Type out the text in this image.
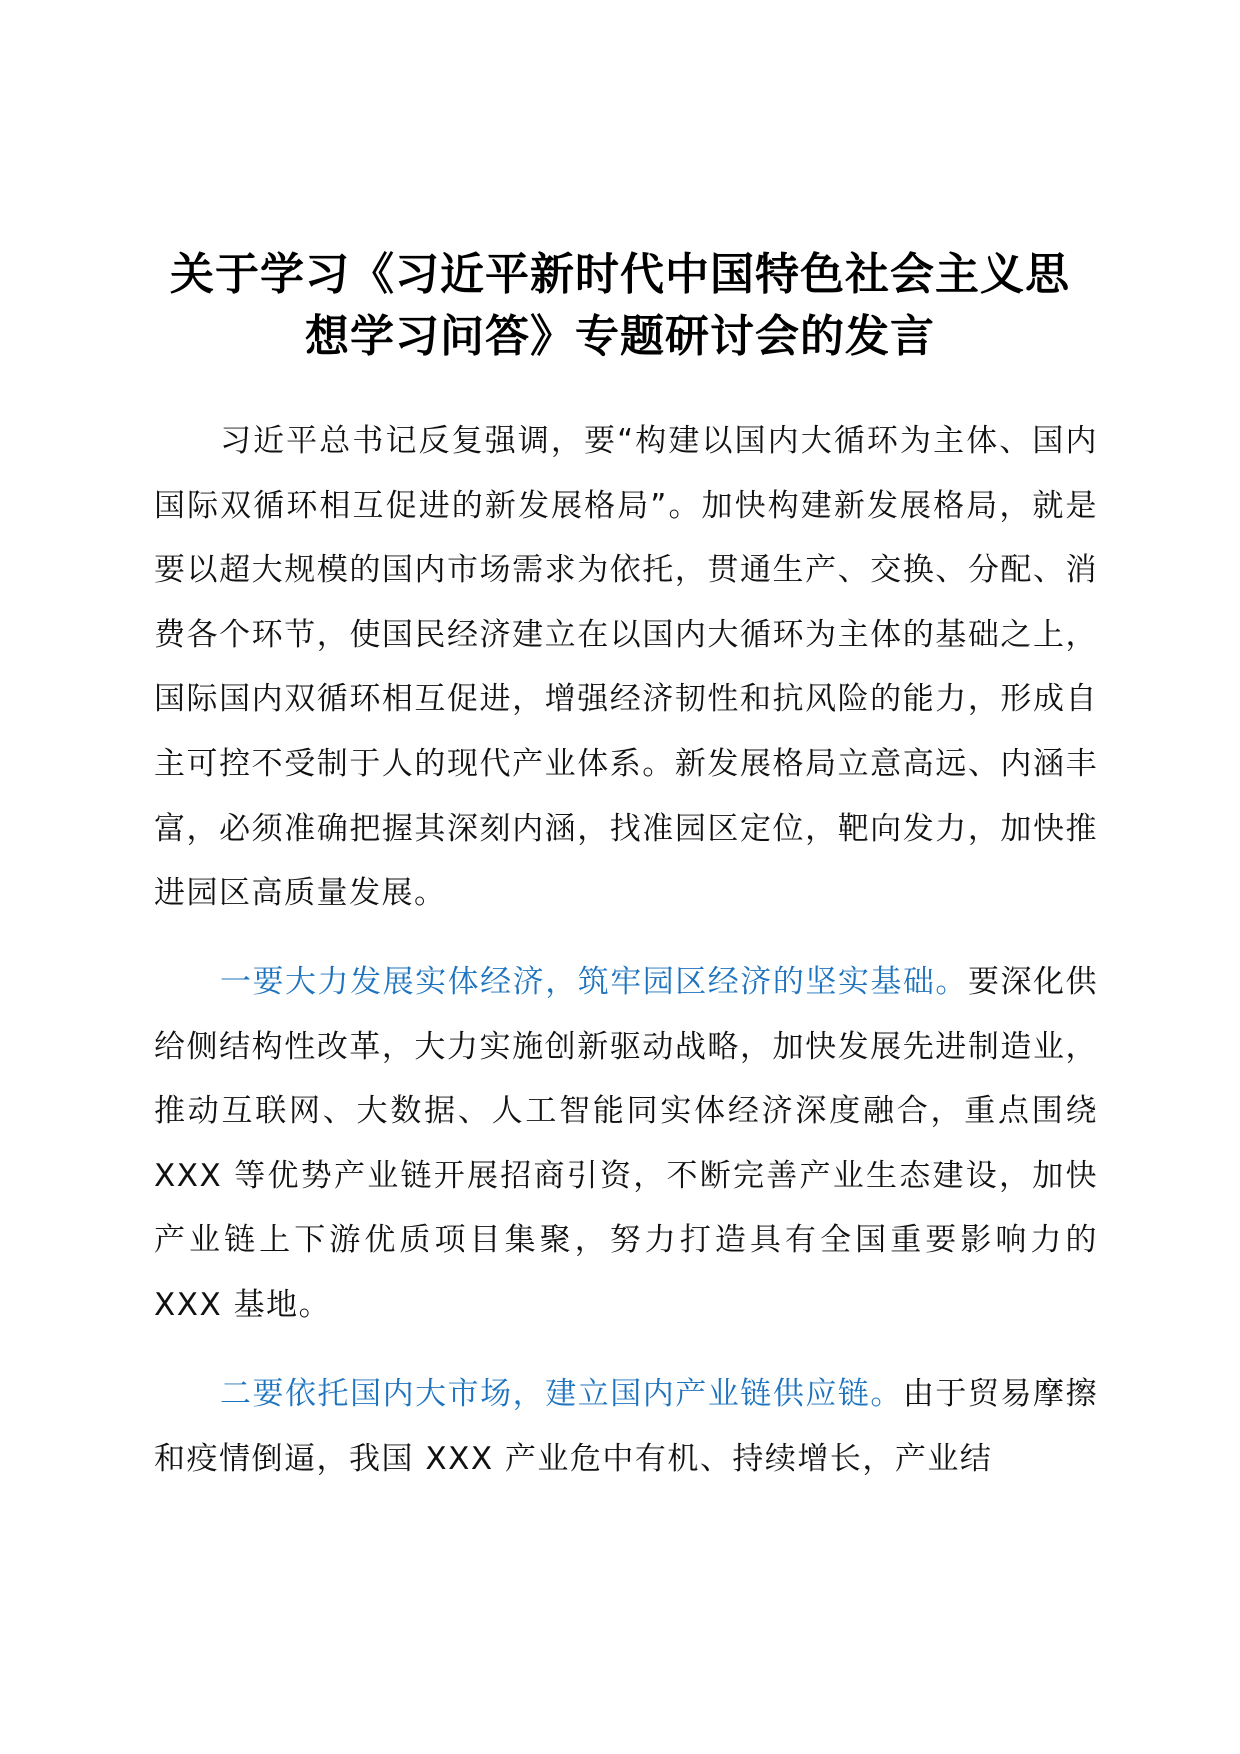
关于学习《习近平新时代中国特色社会主义思
想学习问答》专题研讨会的发言

习近平总书记反复强调，要“构建以国内大循环为主体、国内国际双循环相互促进的新发展格局”。加快构建新发展格局，就是要以超大规模的国内市场需求为依托，贯通生产、交换、分配、消费各个环节，使国民经济建立在以国内大循环为主体的基础之上，国际国内双循环相互促进，增强经济韧性和抗风险的能力，形成自主可控不受制于人的现代产业体系。新发展格局立意高远、内涵丰富，必须准确把握其深刻内涵，找准园区定位，靶向发力，加快推进园区高质量发展。

一要大力发展实体经济，筑牢园区经济的坚实基础。要深化供给侧结构性改革，大力实施创新驱动战略，加快发展先进制造业，推动互联网、大数据、人工智能同实体经济深度融合，重点围绕 XXX 等优势产业链开展招商引资，不断完善产业生态建设，加快产业链上下游优质项目集聚，努力打造具有全国重要影响力的 XXX 基地。

二要依托国内大市场，建立国内产业链供应链。由于贸易摩擦和疫情倒逼，我国 XXX 产业危中有机、持续增长，产业结
